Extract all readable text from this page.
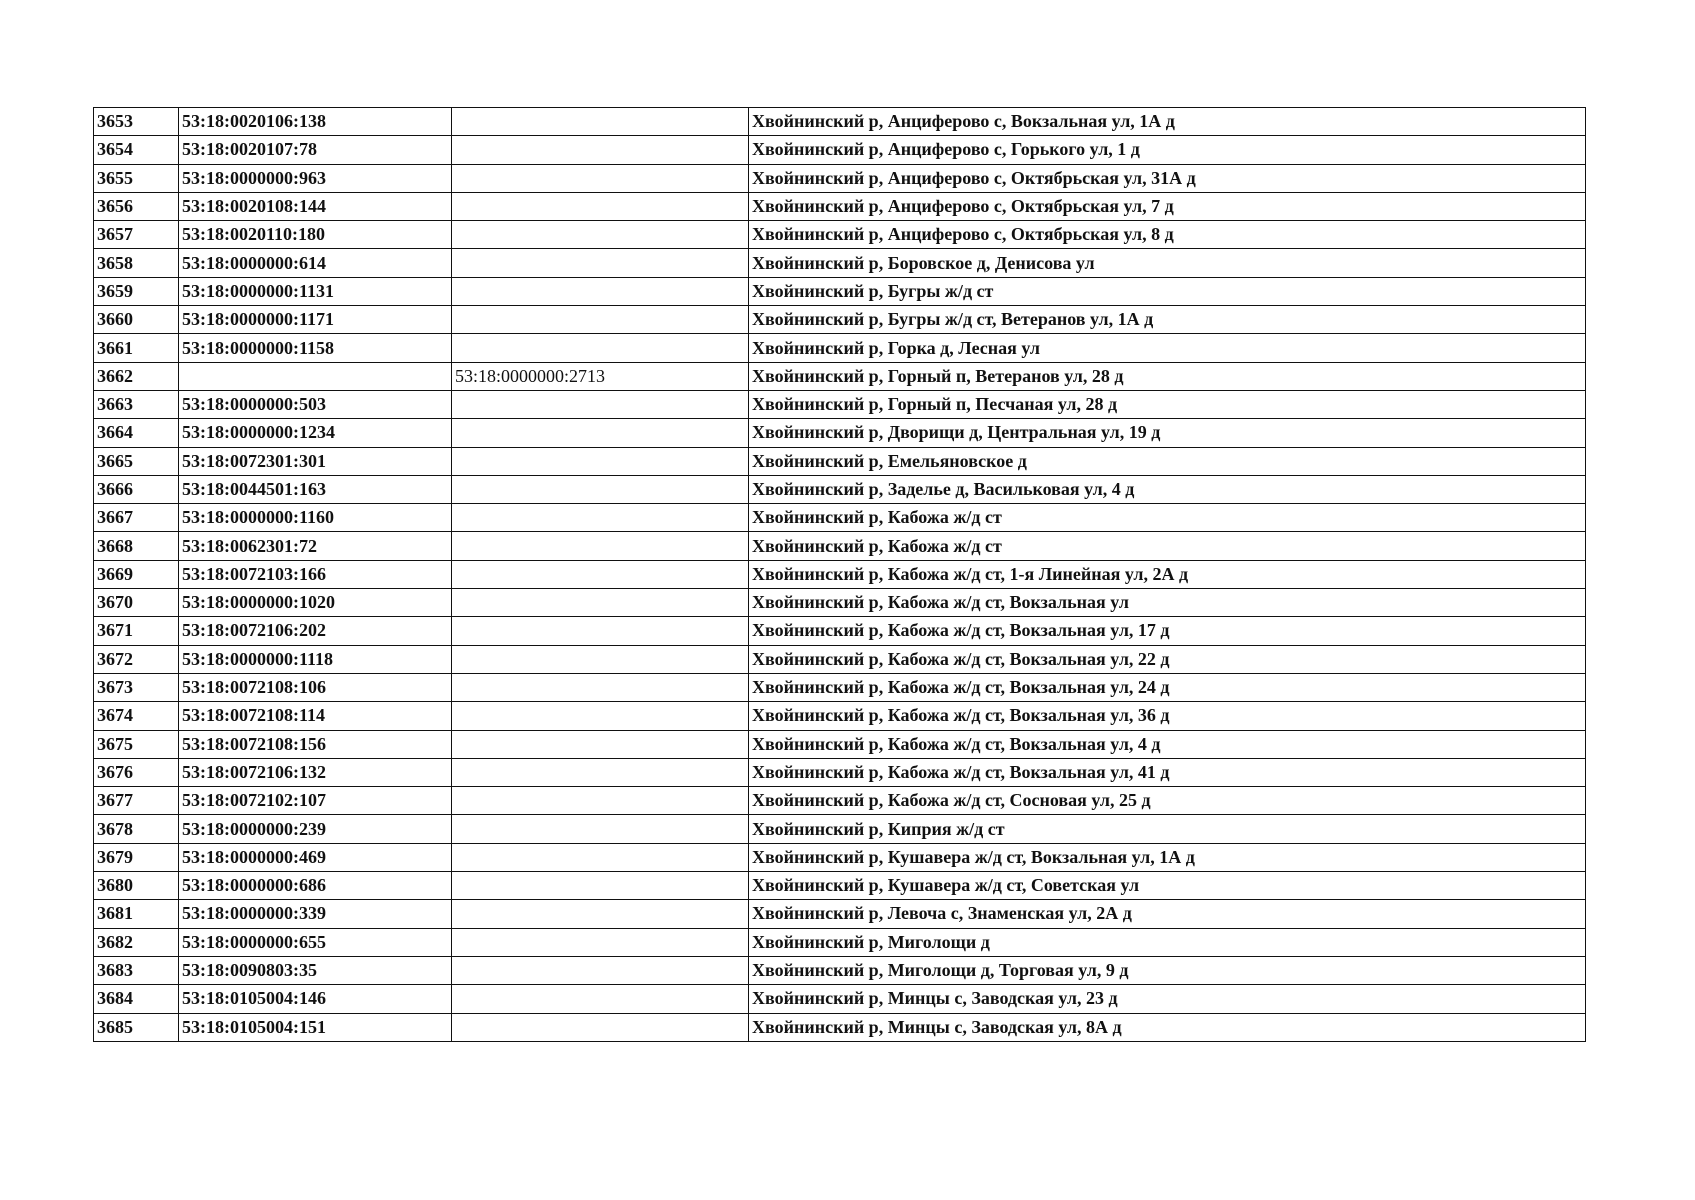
3653	53:18:0020106:138		Хвойнинский р, Анциферово с, Вокзальная ул, 1А д
3654	53:18:0020107:78		Хвойнинский р, Анциферово с, Горького ул, 1 д
3655	53:18:0000000:963		Хвойнинский р, Анциферово с, Октябрьская ул, 31А д
3656	53:18:0020108:144		Хвойнинский р, Анциферово с, Октябрьская ул, 7 д
3657	53:18:0020110:180		Хвойнинский р, Анциферово с, Октябрьская ул, 8 д
3658	53:18:0000000:614		Хвойнинский р, Боровское д, Денисова ул
3659	53:18:0000000:1131		Хвойнинский р, Бугры ж/д ст
3660	53:18:0000000:1171		Хвойнинский р, Бугры ж/д ст, Ветеранов ул, 1А д
3661	53:18:0000000:1158		Хвойнинский р, Горка д, Лесная ул
3662		53:18:0000000:2713	Хвойнинский р, Горный п, Ветеранов ул, 28 д
3663	53:18:0000000:503		Хвойнинский р, Горный п, Песчаная ул, 28 д
3664	53:18:0000000:1234		Хвойнинский р, Дворищи д, Центральная ул, 19 д
3665	53:18:0072301:301		Хвойнинский р, Емельяновское д
3666	53:18:0044501:163		Хвойнинский р, Заделье д, Васильковая ул, 4 д
3667	53:18:0000000:1160		Хвойнинский р, Кабожа ж/д ст
3668	53:18:0062301:72		Хвойнинский р, Кабожа ж/д ст
3669	53:18:0072103:166		Хвойнинский р, Кабожа ж/д ст, 1-я Линейная ул, 2А д
3670	53:18:0000000:1020		Хвойнинский р, Кабожа ж/д ст, Вокзальная ул
3671	53:18:0072106:202		Хвойнинский р, Кабожа ж/д ст, Вокзальная ул, 17 д
3672	53:18:0000000:1118		Хвойнинский р, Кабожа ж/д ст, Вокзальная ул, 22 д
3673	53:18:0072108:106		Хвойнинский р, Кабожа ж/д ст, Вокзальная ул, 24 д
3674	53:18:0072108:114		Хвойнинский р, Кабожа ж/д ст, Вокзальная ул, 36 д
3675	53:18:0072108:156		Хвойнинский р, Кабожа ж/д ст, Вокзальная ул, 4 д
3676	53:18:0072106:132		Хвойнинский р, Кабожа ж/д ст, Вокзальная ул, 41 д
3677	53:18:0072102:107		Хвойнинский р, Кабожа ж/д ст, Сосновая ул, 25 д
3678	53:18:0000000:239		Хвойнинский р, Киприя ж/д ст
3679	53:18:0000000:469		Хвойнинский р, Кушавера ж/д ст, Вокзальная ул, 1А д
3680	53:18:0000000:686		Хвойнинский р, Кушавера ж/д ст, Советская ул
3681	53:18:0000000:339		Хвойнинский р, Левоча с, Знаменская ул, 2А д
3682	53:18:0000000:655		Хвойнинский р, Миголощи д
3683	53:18:0090803:35		Хвойнинский р, Миголощи д, Торговая ул, 9 д
3684	53:18:0105004:146		Хвойнинский р, Минцы с, Заводская ул, 23 д
3685	53:18:0105004:151		Хвойнинский р, Минцы с, Заводская ул, 8А д
